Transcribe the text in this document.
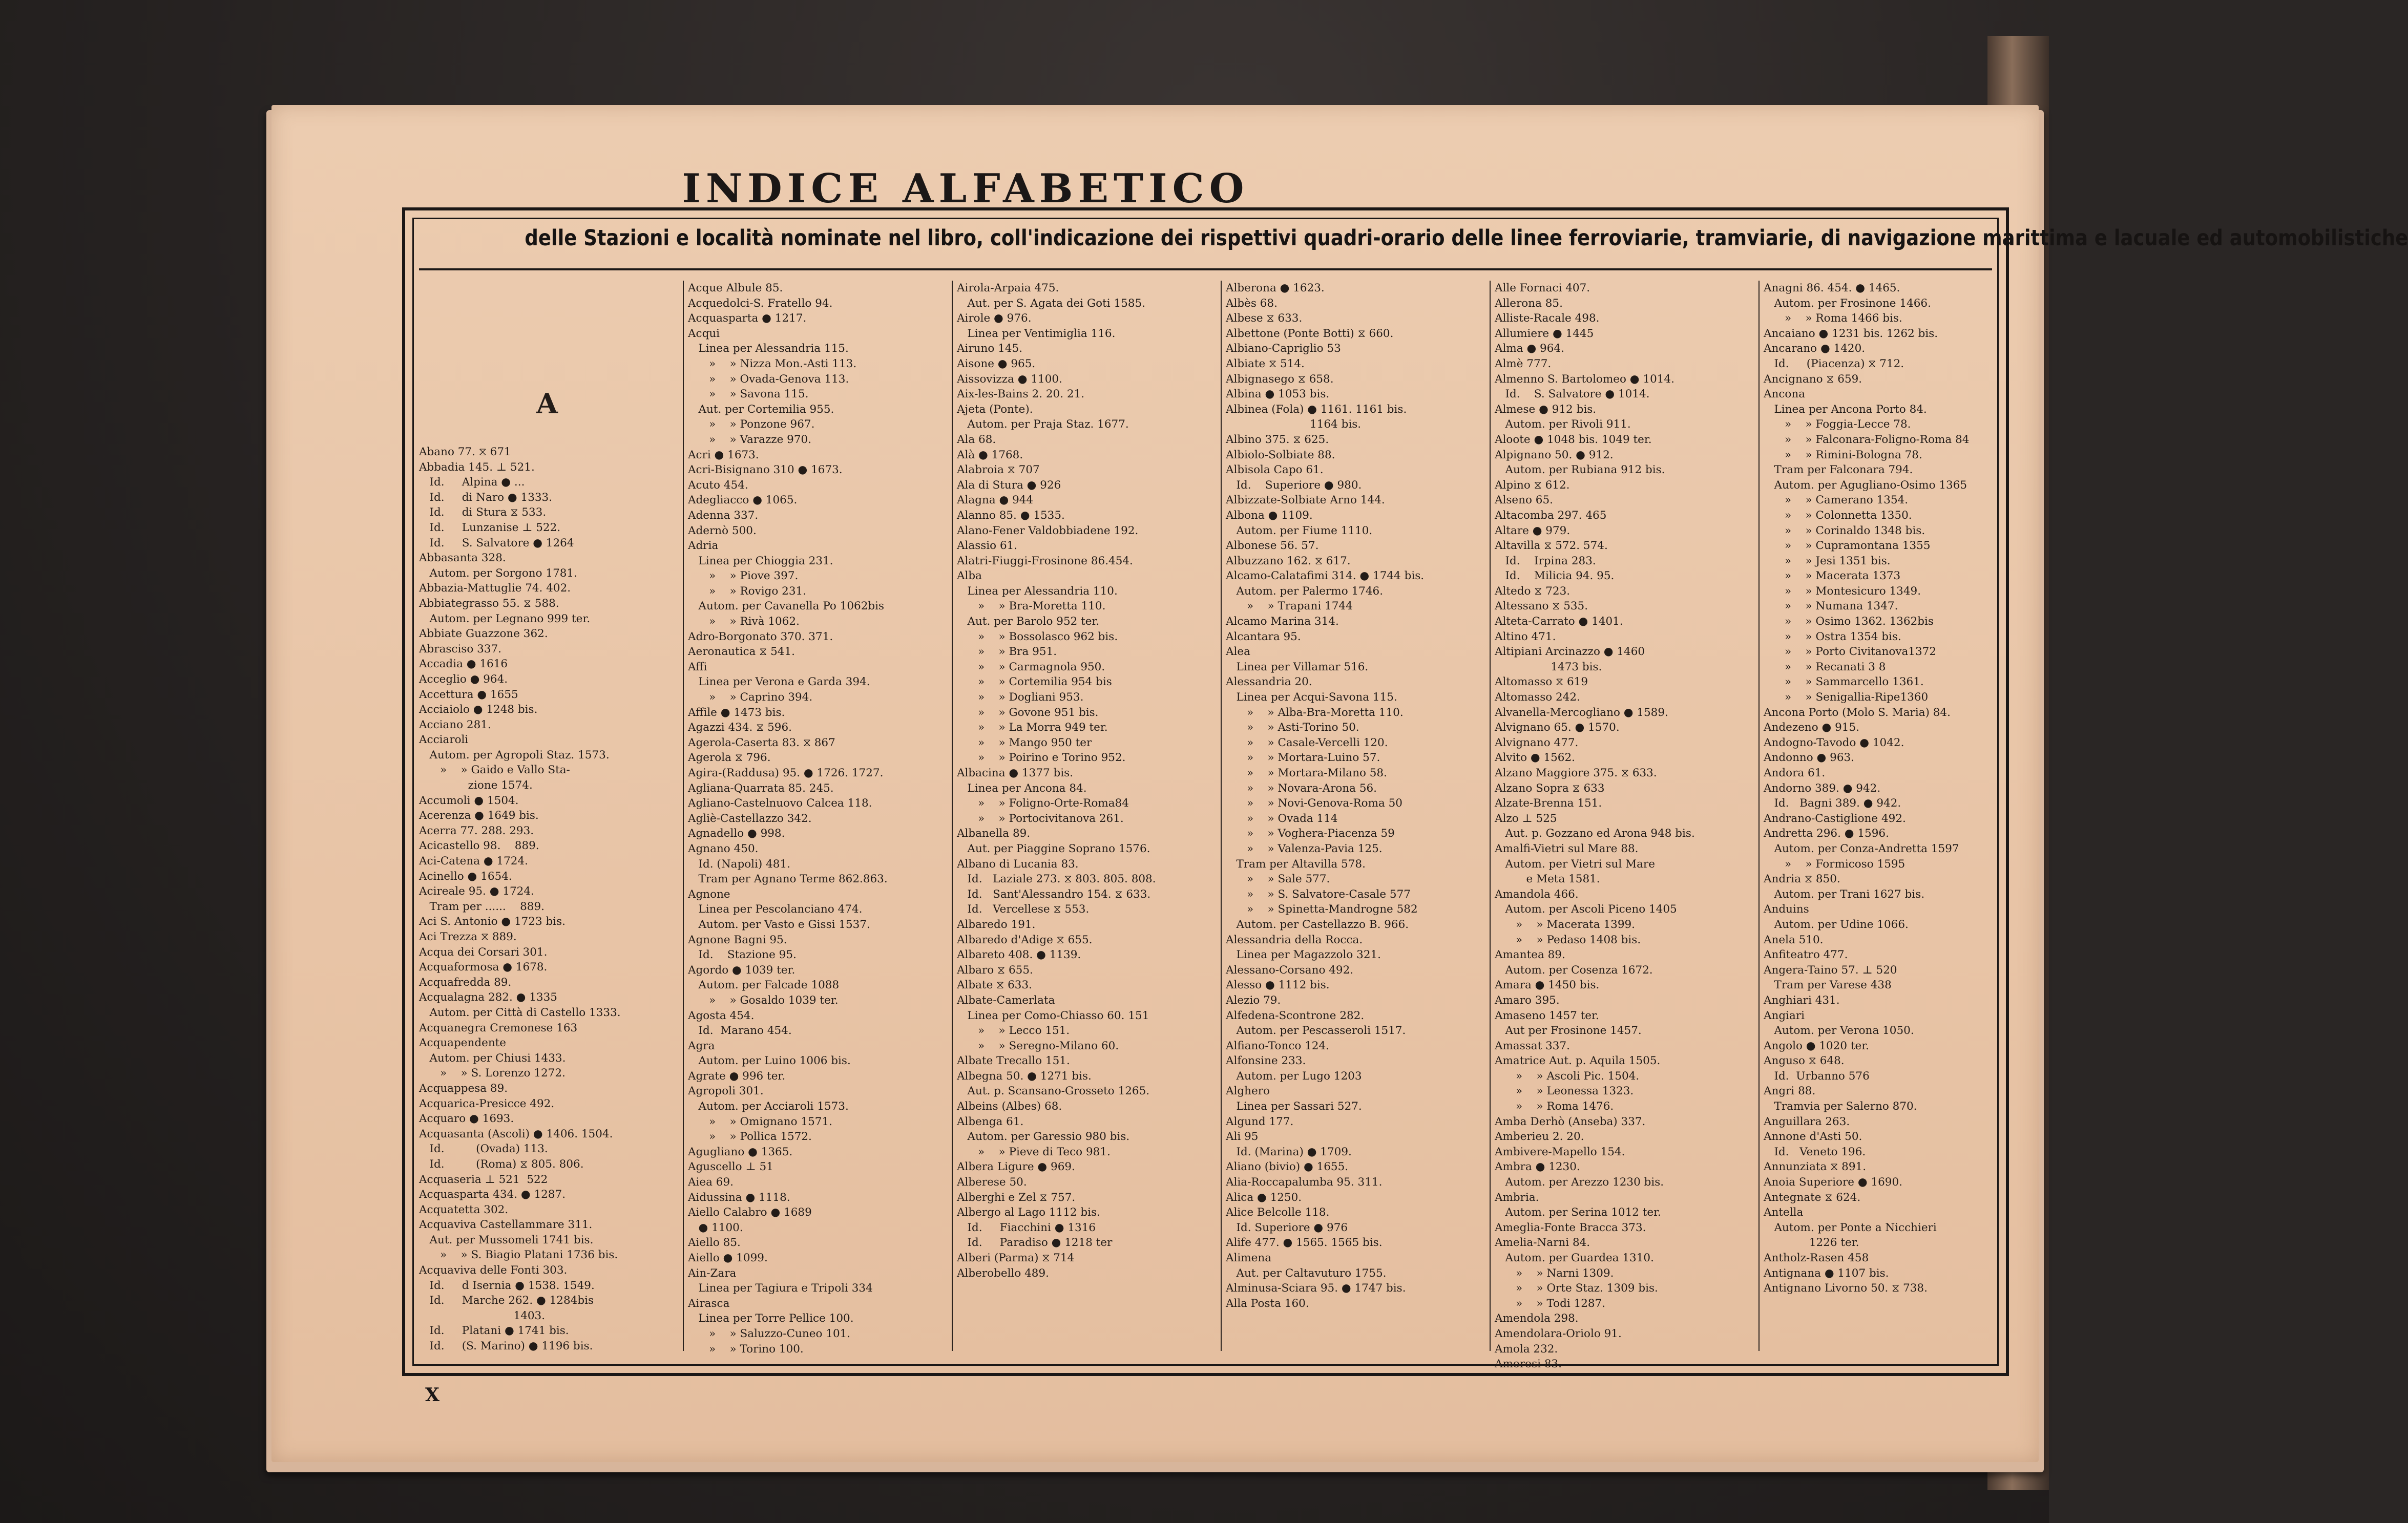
INDICE ALFABETICO
delle Stazioni e località nominate nel libro, coll'indicazione dei rispettivi quadri-orario delle linee ferroviarie, tramviarie, di navigazione marittima e lacuale ed automobilistiche
A
Abano 77. ⧖ 671
Abbadia 145. ⊥ 521.
Id.     Alpina ● ...
Id.     di Naro ● 1333.
Id.     di Stura ⧖ 533.
Id.     Lunzanise ⊥ 522.
Id.     S. Salvatore ● 1264
Abbasanta 328.
Autom. per Sorgono 1781.
Abbazia-Mattuglie 74. 402.
Abbiategrasso 55. ⧖ 588.
Autom. per Legnano 999 ter.
Abbiate Guazzone 362.
Abrasciso 337.
Accadia ● 1616
Acceglio ● 964.
Accettura ● 1655
Acciaiolo ● 1248 bis.
Acciano 281.
Acciaroli
Autom. per Agropoli Staz. 1573.
»    » Gaido e Vallo Sta-
zione 1574.
Accumoli ● 1504.
Acerenza ● 1649 bis.
Acerra 77. 288. 293.
Acicastello 98.    889.
Aci-Catena ● 1724.
Acinello ● 1654.
Acireale 95. ● 1724.
Tram per ......    889.
Aci S. Antonio ● 1723 bis.
Aci Trezza ⧖ 889.
Acqua dei Corsari 301.
Acquaformosa ● 1678.
Acquafredda 89.
Acqualagna 282. ● 1335
Autom. per Città di Castello 1333.
Acquanegra Cremonese 163
Acquapendente
Autom. per Chiusi 1433.
»    » S. Lorenzo 1272.
Acquappesa 89.
Acquarica-Presicce 492.
Acquaro ● 1693.
Acquasanta (Ascoli) ● 1406. 1504.
Id.         (Ovada) 113.
Id.         (Roma) ⧖ 805. 806.
Acquaseria ⊥ 521  522
Acquasparta 434. ● 1287.
Acquatetta 302.
Acquaviva Castellammare 311.
Aut. per Mussomeli 1741 bis.
»    » S. Biagio Platani 1736 bis.
Acquaviva delle Fonti 303.
Id.     d Isernia ● 1538. 1549.
Id.     Marche 262. ● 1284bis
1403.
Id.     Platani ● 1741 bis.
Id.     (S. Marino) ● 1196 bis.
Acque Albule 85.
Acquedolci-S. Fratello 94.
Acquasparta ● 1217.
Acqui
Linea per Alessandria 115.
»    » Nizza Mon.-Asti 113.
»    » Ovada-Genova 113.
»    » Savona 115.
Aut. per Cortemilia 955.
»    » Ponzone 967.
»    » Varazze 970.
Acri ● 1673.
Acri-Bisignano 310 ● 1673.
Acuto 454.
Adegliacco ● 1065.
Adenna 337.
Adernò 500.
Adria
Linea per Chioggia 231.
»    » Piove 397.
»    » Rovigo 231.
Autom. per Cavanella Po 1062bis
»    » Rivà 1062.
Adro-Borgonato 370. 371.
Aeronautica ⧖ 541.
Affi
Linea per Verona e Garda 394.
»    » Caprino 394.
Affile ● 1473 bis.
Agazzi 434. ⧖ 596.
Agerola-Caserta 83. ⧖ 867
Agerola ⧖ 796.
Agira-(Raddusa) 95. ● 1726. 1727.
Agliana-Quarrata 85. 245.
Agliano-Castelnuovo Calcea 118.
Agliè-Castellazzo 342.
Agnadello ● 998.
Agnano 450.
Id. (Napoli) 481.
Tram per Agnano Terme 862.863.
Agnone
Linea per Pescolanciano 474.
Autom. per Vasto e Gissi 1537.
Agnone Bagni 95.
Id.    Stazione 95.
Agordo ● 1039 ter.
Autom. per Falcade 1088
»    » Gosaldo 1039 ter.
Agosta 454.
Id.  Marano 454.
Agra
Autom. per Luino 1006 bis.
Agrate ● 996 ter.
Agropoli 301.
Autom. per Acciaroli 1573.
»    » Omignano 1571.
»    » Pollica 1572.
Agugliano ● 1365.
Aguscello ⊥ 51
Aiea 69.
Aidussina ● 1118.
Aiello Calabro ● 1689
● 1100.
Aiello 85.
Aiello ● 1099.
Ain-Zara
Linea per Tagiura e Tripoli 334
Airasca
Linea per Torre Pellice 100.
»    » Saluzzo-Cuneo 101.
»    » Torino 100.
Airola-Arpaia 475.
Aut. per S. Agata dei Goti 1585.
Airole ● 976.
Linea per Ventimiglia 116.
Airuno 145.
Aisone ● 965.
Aissovizza ● 1100.
Aix-les-Bains 2. 20. 21.
Ajeta (Ponte).
Autom. per Praja Staz. 1677.
Ala 68.
Alà ● 1768.
Alabroia ⧖ 707
Ala di Stura ● 926
Alagna ● 944
Alanno 85. ● 1535.
Alano-Fener Valdobbiadene 192.
Alassio 61.
Alatri-Fiuggi-Frosinone 86.454.
Alba
Linea per Alessandria 110.
»    » Bra-Moretta 110.
Aut. per Barolo 952 ter.
»    » Bossolasco 962 bis.
»    » Bra 951.
»    » Carmagnola 950.
»    » Cortemilia 954 bis
»    » Dogliani 953.
»    » Govone 951 bis.
»    » La Morra 949 ter.
»    » Mango 950 ter
»    » Poirino e Torino 952.
Albacina ● 1377 bis.
Linea per Ancona 84.
»    » Foligno-Orte-Roma84
»    » Portocivitanova 261.
Albanella 89.
Aut. per Piaggine Soprano 1576.
Albano di Lucania 83.
Id.   Laziale 273. ⧖ 803. 805. 808.
Id.   Sant'Alessandro 154. ⧖ 633.
Id.   Vercellese ⧖ 553.
Albaredo 191.
Albaredo d'Adige ⧖ 655.
Albareto 408. ● 1139.
Albaro ⧖ 655.
Albate ⧖ 633.
Albate-Camerlata
Linea per Como-Chiasso 60. 151
»    » Lecco 151.
»    » Seregno-Milano 60.
Albate Trecallo 151.
Albegna 50. ● 1271 bis.
Aut. p. Scansano-Grosseto 1265.
Albeins (Albes) 68.
Albenga 61.
Autom. per Garessio 980 bis.
»    » Pieve di Teco 981.
Albera Ligure ● 969.
Alberese 50.
Alberghi e Zel ⧖ 757.
Albergo al Lago 1112 bis.
Id.     Fiacchini ● 1316
Id.     Paradiso ● 1218 ter
Alberi (Parma) ⧖ 714
Alberobello 489.
Alberona ● 1623.
Albès 68.
Albese ⧖ 633.
Albettone (Ponte Botti) ⧖ 660.
Albiano-Capriglio 53
Albiate ⧖ 514.
Albignasego ⧖ 658.
Albina ● 1053 bis.
Albinea (Fola) ● 1161. 1161 bis.
1164 bis.
Albino 375. ⧖ 625.
Albiolo-Solbiate 88.
Albisola Capo 61.
Id.    Superiore ● 980.
Albizzate-Solbiate Arno 144.
Albona ● 1109.
Autom. per Fiume 1110.
Albonese 56. 57.
Albuzzano 162. ⧖ 617.
Alcamo-Calatafimi 314. ● 1744 bis.
Autom. per Palermo 1746.
»    » Trapani 1744
Alcamo Marina 314.
Alcantara 95.
Alea
Linea per Villamar 516.
Alessandria 20.
Linea per Acqui-Savona 115.
»    » Alba-Bra-Moretta 110.
»    » Asti-Torino 50.
»    » Casale-Vercelli 120.
»    » Mortara-Luino 57.
»    » Mortara-Milano 58.
»    » Novara-Arona 56.
»    » Novi-Genova-Roma 50
»    » Ovada 114
»    » Voghera-Piacenza 59
»    » Valenza-Pavia 125.
Tram per Altavilla 578.
»    » Sale 577.
»    » S. Salvatore-Casale 577
»    » Spinetta-Mandrogne 582
Autom. per Castellazzo B. 966.
Alessandria della Rocca.
Linea per Magazzolo 321.
Alessano-Corsano 492.
Alesso ● 1112 bis.
Alezio 79.
Alfedena-Scontrone 282.
Autom. per Pescasseroli 1517.
Alfiano-Tonco 124.
Alfonsine 233.
Autom. per Lugo 1203
Alghero
Linea per Sassari 527.
Algund 177.
Ali 95
Id. (Marina) ● 1709.
Aliano (bivio) ● 1655.
Alia-Roccapalumba 95. 311.
Alica ● 1250.
Alice Belcolle 118.
Id. Superiore ● 976
Alife 477. ● 1565. 1565 bis.
Alimena
Aut. per Caltavuturo 1755.
Alminusa-Sciara 95. ● 1747 bis.
Alla Posta 160.
Alle Fornaci 407.
Allerona 85.
Alliste-Racale 498.
Allumiere ● 1445
Alma ● 964.
Almè 777.
Almenno S. Bartolomeo ● 1014.
Id.    S. Salvatore ● 1014.
Almese ● 912 bis.
Autom. per Rivoli 911.
Aloote ● 1048 bis. 1049 ter.
Alpignano 50. ● 912.
Autom. per Rubiana 912 bis.
Alpino ⧖ 612.
Alseno 65.
Altacomba 297. 465
Altare ● 979.
Altavilla ⧖ 572. 574.
Id.    Irpina 283.
Id.    Milicia 94. 95.
Altedo ⧖ 723.
Altessano ⧖ 535.
Alteta-Carrato ● 1401.
Altino 471.
Altipiani Arcinazzo ● 1460
1473 bis.
Altomasso ⧖ 619
Altomasso 242.
Alvanella-Mercogliano ● 1589.
Alvignano 65. ● 1570.
Alvignano 477.
Alvito ● 1562.
Alzano Maggiore 375. ⧖ 633.
Alzano Sopra ⧖ 633
Alzate-Brenna 151.
Alzo ⊥ 525
Aut. p. Gozzano ed Arona 948 bis.
Amalfi-Vietri sul Mare 88.
Autom. per Vietri sul Mare
e Meta 1581.
Amandola 466.
Autom. per Ascoli Piceno 1405
»    » Macerata 1399.
»    » Pedaso 1408 bis.
Amantea 89.
Autom. per Cosenza 1672.
Amara ● 1450 bis.
Amaro 395.
Amaseno 1457 ter.
Aut per Frosinone 1457.
Amassat 337.
Amatrice Aut. p. Aquila 1505.
»    » Ascoli Pic. 1504.
»    » Leonessa 1323.
»    » Roma 1476.
Amba Derhò (Anseba) 337.
Amberieu 2. 20.
Ambivere-Mapello 154.
Ambra ● 1230.
Autom. per Arezzo 1230 bis.
Ambria.
Autom. per Serina 1012 ter.
Ameglia-Fonte Bracca 373.
Amelia-Narni 84.
Autom. per Guardea 1310.
»    » Narni 1309.
»    » Orte Staz. 1309 bis.
»    » Todi 1287.
Amendola 298.
Amendolara-Oriolo 91.
Amola 232.
Amorosi 83.
Anagni 86. 454. ● 1465.
Autom. per Frosinone 1466.
»    » Roma 1466 bis.
Ancaiano ● 1231 bis. 1262 bis.
Ancarano ● 1420.
Id.     (Piacenza) ⧖ 712.
Ancignano ⧖ 659.
Ancona
Linea per Ancona Porto 84.
»    » Foggia-Lecce 78.
»    » Falconara-Foligno-Roma 84
»    » Rimini-Bologna 78.
Tram per Falconara 794.
Autom. per Agugliano-Osimo 1365
»    » Camerano 1354.
»    » Colonnetta 1350.
»    » Corinaldo 1348 bis.
»    » Cupramontana 1355
»    » Jesi 1351 bis.
»    » Macerata 1373
»    » Montesicuro 1349.
»    » Numana 1347.
»    » Osimo 1362. 1362bis
»    » Ostra 1354 bis.
»    » Porto Civitanova1372
»    » Recanati 3 8
»    » Sammarcello 1361.
»    » Senigallia-Ripe1360
Ancona Porto (Molo S. Maria) 84.
Andezeno ● 915.
Andogno-Tavodo ● 1042.
Andonno ● 963.
Andora 61.
Andorno 389. ● 942.
Id.   Bagni 389. ● 942.
Andrano-Castiglione 492.
Andretta 296. ● 1596.
Autom. per Conza-Andretta 1597
»    » Formicoso 1595
Andria ⧖ 850.
Autom. per Trani 1627 bis.
Anduins
Autom. per Udine 1066.
Anela 510.
Anfiteatro 477.
Angera-Taino 57. ⊥ 520
Tram per Varese 438
Anghiari 431.
Angiari
Autom. per Verona 1050.
Angolo ● 1020 ter.
Anguso ⧖ 648.
Id.  Urbanno 576
Angri 88.
Tramvia per Salerno 870.
Anguillara 263.
Annone d'Asti 50.
Id.   Veneto 196.
Annunziata ⧖ 891.
Anoia Superiore ● 1690.
Antegnate ⧖ 624.
Antella
Autom. per Ponte a Nicchieri
1226 ter.
Antholz-Rasen 458
Antignana ● 1107 bis.
Antignano Livorno 50. ⧖ 738.
X
